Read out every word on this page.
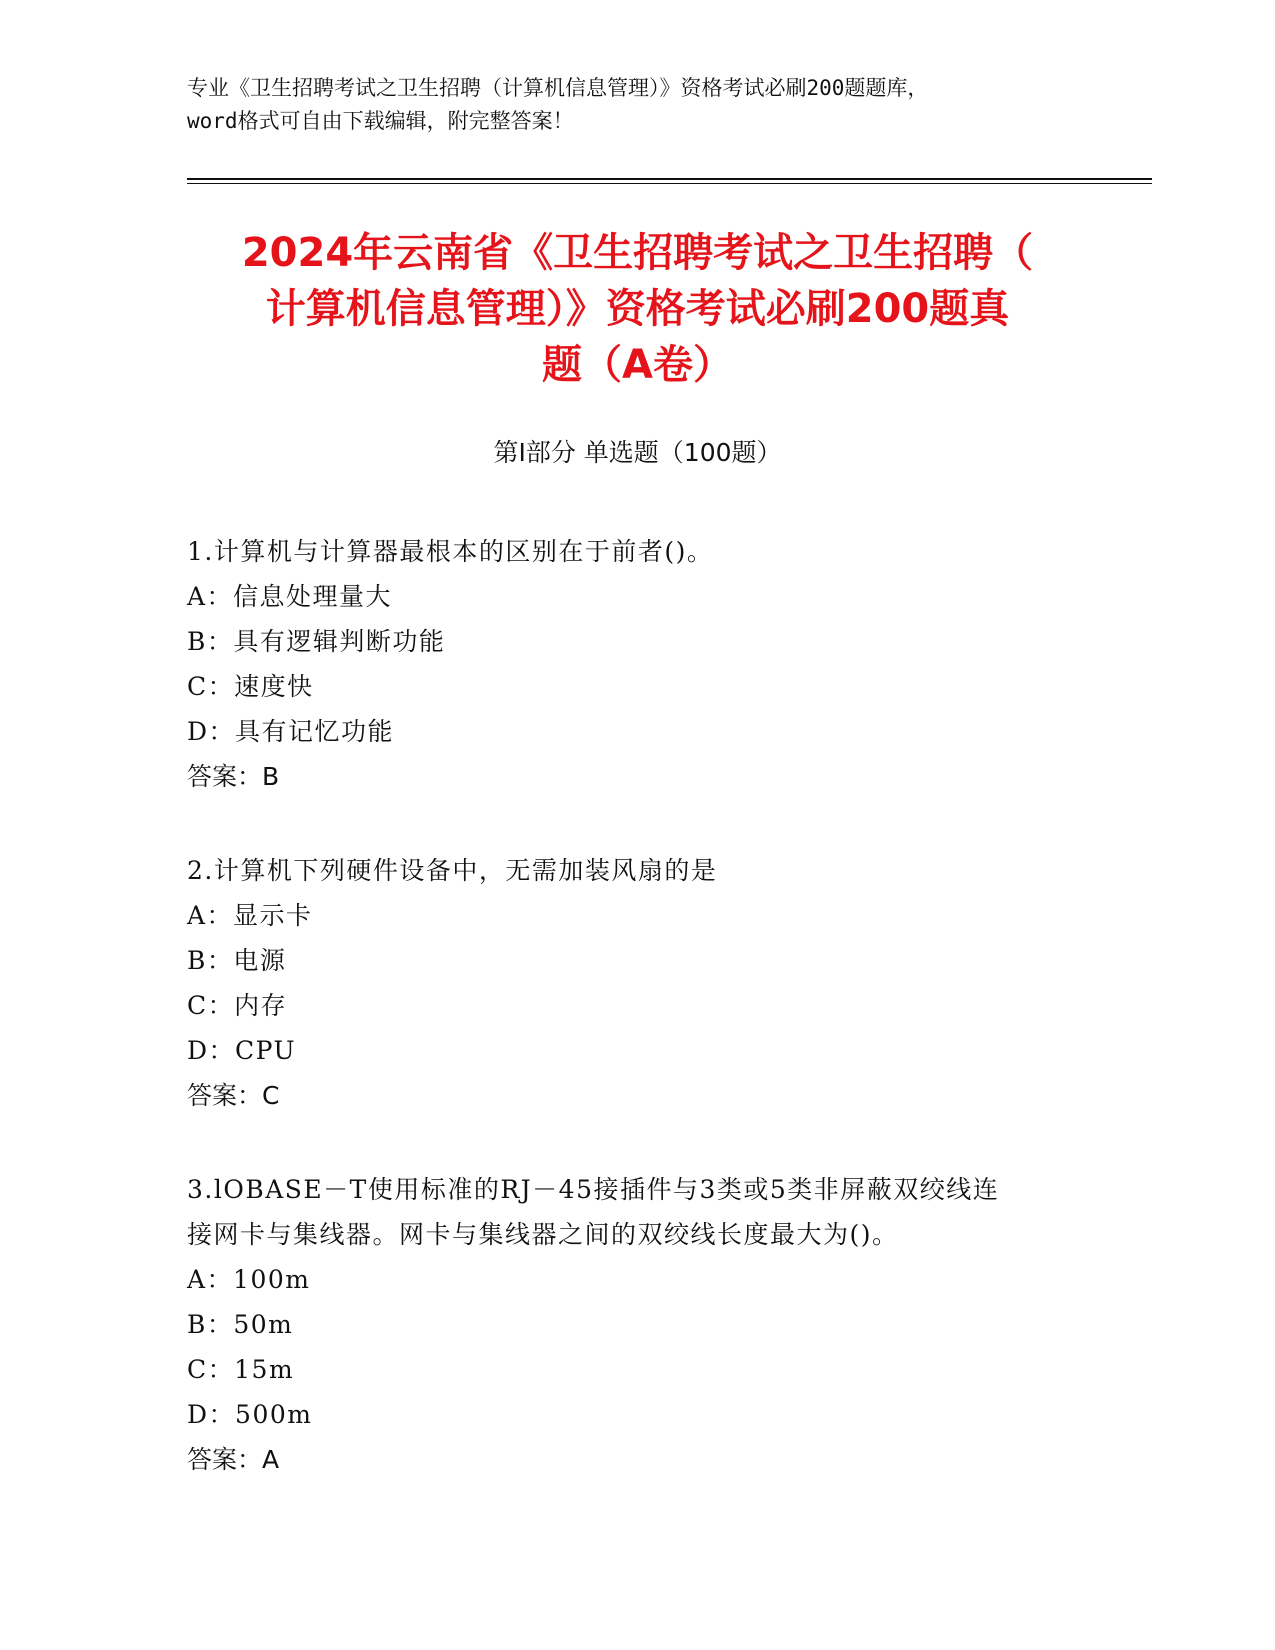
专业《卫生招聘考试之卫生招聘（计算机信息管理）》资格考试必刷200题题库，
word格式可自由下载编辑，附完整答案！
2024年云南省《卫生招聘考试之卫生招聘（
计算机信息管理）》资格考试必刷200题真
题（A卷）
第Ⅰ部分 单选题（100题）
1.计算机与计算器最根本的区别在于前者()。
A：信息处理量大
B：具有逻辑判断功能
C：速度快
D：具有记忆功能
答案：B
2.计算机下列硬件设备中，无需加装风扇的是
A：显示卡
B：电源
C：内存
D：CPU
答案：C
3.lOBASE－T使用标准的RJ－45接插件与3类或5类非屏蔽双绞线连
接网卡与集线器。网卡与集线器之间的双绞线长度最大为()。
A：100m
B：50m
C：15m
D：500m
答案：A
